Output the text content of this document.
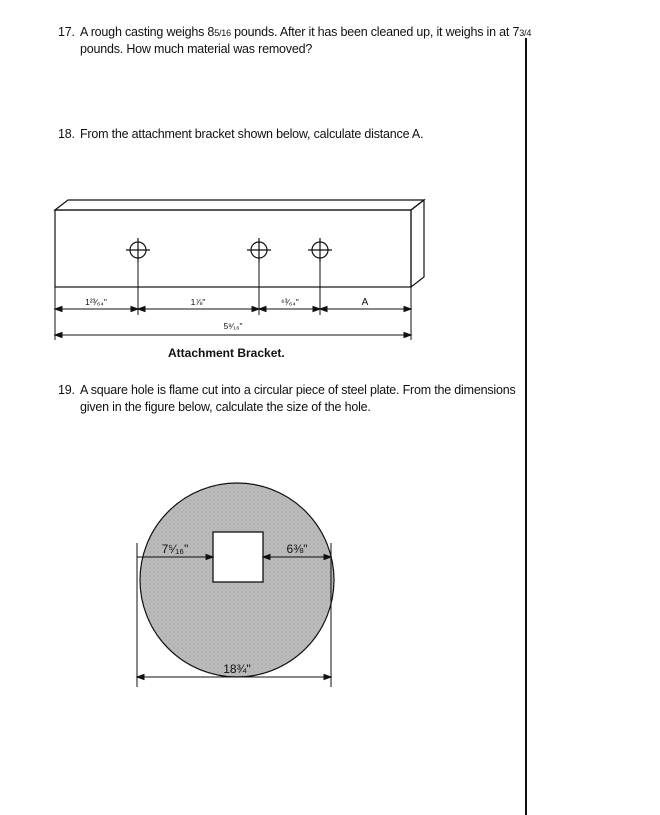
17. A rough casting weighs 85/16 pounds. After it has been cleaned up, it weighs in at 73/4
pounds. How much material was removed?
18. From the attachment bracket shown below, calculate distance A.
1²³⁄₆₄"	1⅞"	⁶³⁄₆₄"	A
5⁹⁄₁₆"
Attachment Bracket.
19. A square hole is flame cut into a circular piece of steel plate. From the dimensions
given in the figure below, calculate the size of the hole.
7⁵⁄₁₆"	6⅜"
18¾"
